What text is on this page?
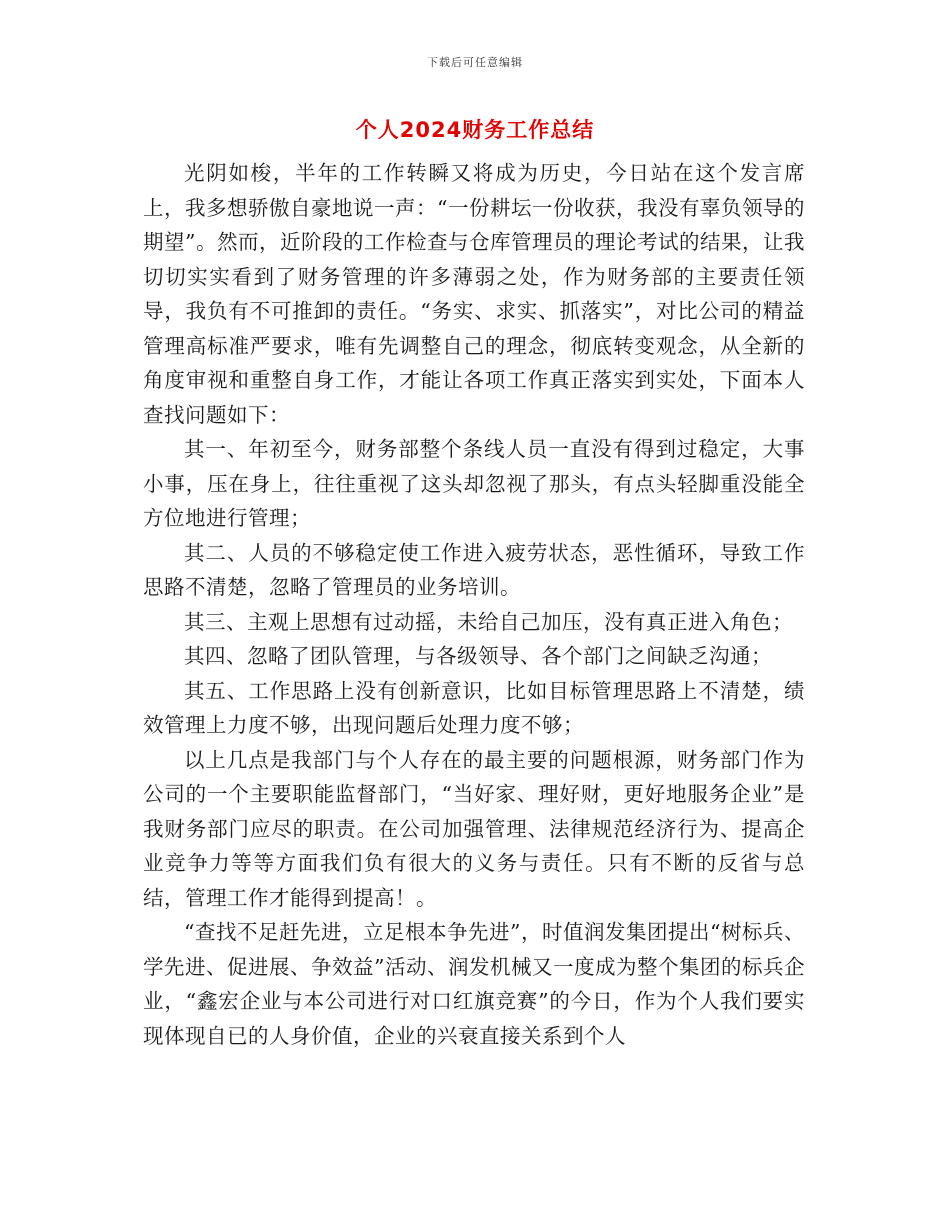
下载后可任意编辑
个人2024财务工作总结

光阴如梭，半年的工作转瞬又将成为历史，今日站在这个发言席上，我多想骄傲自豪地说一声：“一份耕坛一份收获，我没有辜负领导的期望”。然而，近阶段的工作检查与仓库管理员的理论考试的结果，让我切切实实看到了财务管理的许多薄弱之处，作为财务部的主要责任领导，我负有不可推卸的责任。“务实、求实、抓落实”，对比公司的精益管理高标准严要求，唯有先调整自己的理念，彻底转变观念，从全新的角度审视和重整自身工作，才能让各项工作真正落实到实处，下面本人查找问题如下：

其一、年初至今，财务部整个条线人员一直没有得到过稳定，大事小事，压在身上，往往重视了这头却忽视了那头，有点头轻脚重没能全方位地进行管理；

其二、人员的不够稳定使工作进入疲劳状态，恶性循环，导致工作思路不清楚，忽略了管理员的业务培训。

其三、主观上思想有过动摇，未给自己加压，没有真正进入角色；

其四、忽略了团队管理，与各级领导、各个部门之间缺乏沟通；

其五、工作思路上没有创新意识，比如目标管理思路上不清楚，绩效管理上力度不够，出现问题后处理力度不够；

以上几点是我部门与个人存在的最主要的问题根源，财务部门作为公司的一个主要职能监督部门，“当好家、理好财，更好地服务企业”是我财务部门应尽的职责。在公司加强管理、法律规范经济行为、提高企业竞争力等等方面我们负有很大的义务与责任。只有不断的反省与总结，管理工作才能得到提高！。

“查找不足赶先进，立足根本争先进”，时值润发集团提出“树标兵、学先进、促进展、争效益”活动、润发机械又一度成为整个集团的标兵企业，“鑫宏企业与本公司进行对口红旗竞赛”的今日，作为个人我们要实现体现自已的人身价值，企业的兴衰直接关系到个人
